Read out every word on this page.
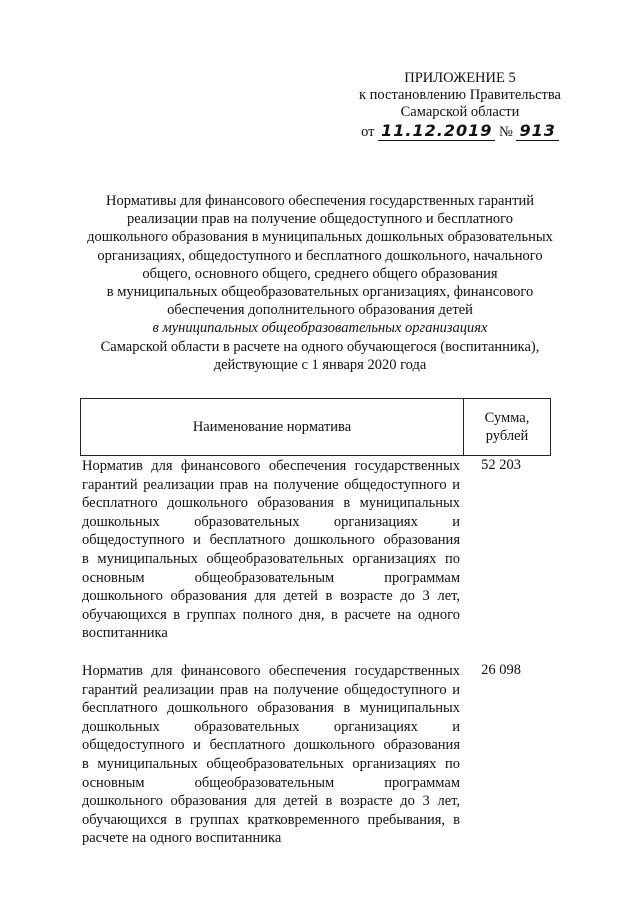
ПРИЛОЖЕНИЕ 5
к постановлению Правительства
Самарской области
от 11.12.2019 № 913
Нормативы для финансового обеспечения государственных гарантий
реализации прав на получение общедоступного и бесплатного
дошкольного образования в муниципальных дошкольных образовательных
организациях, общедоступного и бесплатного дошкольного, начального
общего, основного общего, среднего общего образования
в муниципальных общеобразовательных организациях, финансового
обеспечения дополнительного образования детей
в муниципальных общеобразовательных организациях
Самарской области в расчете на одного обучающегося (воспитанника),
действующие с 1 января 2020 года
Наименование норматива
Сумма,
рублей
Норматив для финансового обеспечения государственных
гарантий реализации прав на получение общедоступного и
бесплатного дошкольного образования в муниципальных
дошкольных образовательных организациях и
общедоступного и бесплатного дошкольного образования
в муниципальных общеобразовательных организациях по
основным общеобразовательным программам
дошкольного образования для детей в возрасте до 3 лет,
обучающихся в группах полного дня, в расчете на одного
воспитанника
52 203
Норматив для финансового обеспечения государственных
гарантий реализации прав на получение общедоступного и
бесплатного дошкольного образования в муниципальных
дошкольных образовательных организациях и
общедоступного и бесплатного дошкольного образования
в муниципальных общеобразовательных организациях по
основным общеобразовательным программам
дошкольного образования для детей в возрасте до 3 лет,
обучающихся в группах кратковременного пребывания, в
расчете на одного воспитанника
26 098
